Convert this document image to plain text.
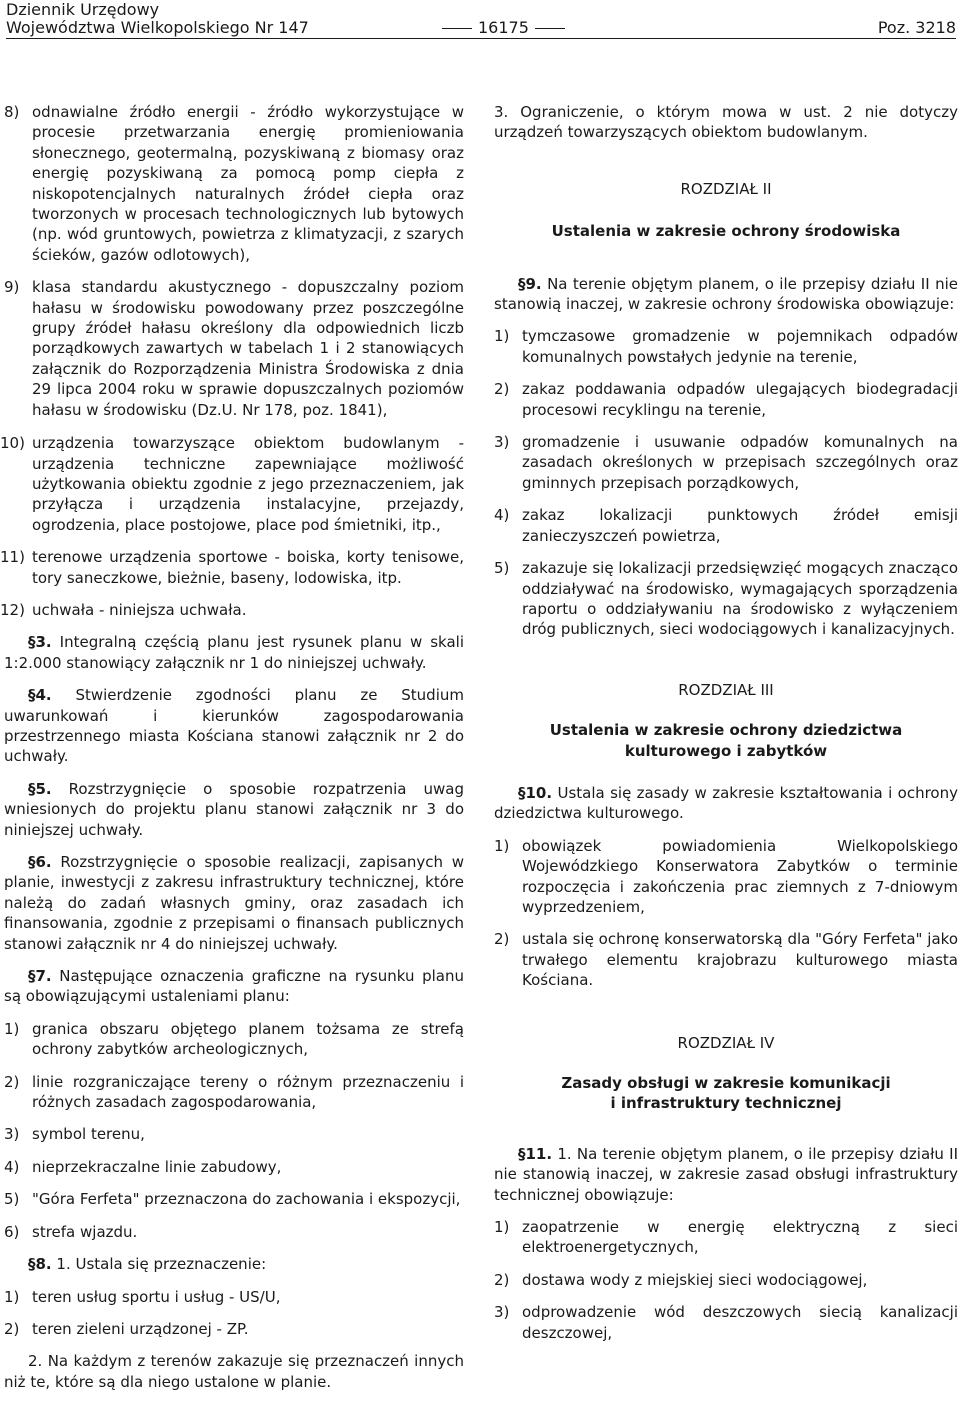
Dziennik Urzędowy
Województwa Wielkopolskiego Nr 147	16175	Poz. 3218
8) odnawialne źródło energii - źródło wykorzystujące w procesie przetwarzania energię promieniowania słonecznego, geotermalną, pozyskiwaną z biomasy oraz energię pozyskiwaną za pomocą pomp ciepła z niskopotencjalnych naturalnych źródeł ciepła oraz tworzonych w procesach technologicznych lub bytowych (np. wód gruntowych, powietrza z klimatyzacji, z szarych ścieków, gazów odlotowych),
9) klasa standardu akustycznego - dopuszczalny poziom hałasu w środowisku powodowany przez poszczególne grupy źródeł hałasu określony dla odpowiednich liczb porządkowych zawartych w tabelach 1 i 2 stanowiących załącznik do Rozporządzenia Ministra Środowiska z dnia 29 lipca 2004 roku w sprawie dopuszczalnych poziomów hałasu w środowisku (Dz.U. Nr 178, poz. 1841),
10) urządzenia towarzyszące obiektom budowlanym - urządzenia techniczne zapewniające możliwość użytkowania obiektu zgodnie z jego przeznaczeniem, jak przyłącza i urządzenia instalacyjne, przejazdy, ogrodzenia, place postojowe, place pod śmietniki, itp.,
11) terenowe urządzenia sportowe - boiska, korty tenisowe, tory saneczkowe, bieżnie, baseny, lodowiska, itp.
12) uchwała - niniejsza uchwała.

§3. Integralną częścią planu jest rysunek planu w skali 1:2.000 stanowiący załącznik nr 1 do niniejszej uchwały.

§4. Stwierdzenie zgodności planu ze Studium uwarunkowań i kierunków zagospodarowania przestrzennego miasta Kościana stanowi załącznik nr 2 do uchwały.

§5. Rozstrzygnięcie o sposobie rozpatrzenia uwag wniesionych do projektu planu stanowi załącznik nr 3 do niniejszej uchwały.

§6. Rozstrzygnięcie o sposobie realizacji, zapisanych w planie, inwestycji z zakresu infrastruktury technicznej, które należą do zadań własnych gminy, oraz zasadach ich finansowania, zgodnie z przepisami o finansach publicznych stanowi załącznik nr 4 do niniejszej uchwały.

§7. Następujące oznaczenia graficzne na rysunku planu są obowiązującymi ustaleniami planu:

1) granica obszaru objętego planem tożsama ze strefą ochrony zabytków archeologicznych,
2) linie rozgraniczające tereny o różnym przeznaczeniu i różnych zasadach zagospodarowania,
3) symbol terenu,
4) nieprzekraczalne linie zabudowy,
5) "Góra Ferfeta" przeznaczona do zachowania i ekspozycji,
6) strefa wjazdu.

§8. 1. Ustala się przeznaczenie:

1) teren usług sportu i usług - US/U,
2) teren zieleni urządzonej - ZP.

2. Na każdym z terenów zakazuje się przeznaczeń innych niż te, które są dla niego ustalone w planie.

3. Ograniczenie, o którym mowa w ust. 2 nie dotyczy urządzeń towarzyszących obiektom budowlanym.

ROZDZIAŁ II

Ustalenia w zakresie ochrony środowiska

§9. Na terenie objętym planem, o ile przepisy działu II nie stanowią inaczej, w zakresie ochrony środowiska obowiązuje:

1) tymczasowe gromadzenie w pojemnikach odpadów komunalnych powstałych jedynie na terenie,
2) zakaz poddawania odpadów ulegających biodegradacji procesowi recyklingu na terenie,
3) gromadzenie i usuwanie odpadów komunalnych na zasadach określonych w przepisach szczególnych oraz gminnych przepisach porządkowych,
4) zakaz lokalizacji punktowych źródeł emisji zanieczyszczeń powietrza,
5) zakazuje się lokalizacji przedsięwzięć mogących znacząco oddziaływać na środowisko, wymagających sporządzenia raportu o oddziaływaniu na środowisko z wyłączeniem dróg publicznych, sieci wodociągowych i kanalizacyjnych.

ROZDZIAŁ III

Ustalenia w zakresie ochrony dziedzictwa

kulturowego i zabytków

§10. Ustala się zasady w zakresie kształtowania i ochrony dziedzictwa kulturowego.

1) obowiązek powiadomienia Wielkopolskiego Wojewódzkiego Konserwatora Zabytków o terminie rozpoczęcia i zakończenia prac ziemnych z 7-dniowym wyprzedzeniem,
2) ustala się ochronę konserwatorską dla "Góry Ferfeta" jako trwałego elementu krajobrazu kulturowego miasta Kościana.

ROZDZIAŁ IV

Zasady obsługi w zakresie komunikacji

i infrastruktury technicznej

§11. 1. Na terenie objętym planem, o ile przepisy działu II nie stanowią inaczej, w zakresie zasad obsługi infrastruktury technicznej obowiązuje:

1) zaopatrzenie w energię elektryczną z sieci elektroenergetycznych,
2) dostawa wody z miejskiej sieci wodociągowej,
3) odprowadzenie wód deszczowych siecią kanalizacji deszczowej,
